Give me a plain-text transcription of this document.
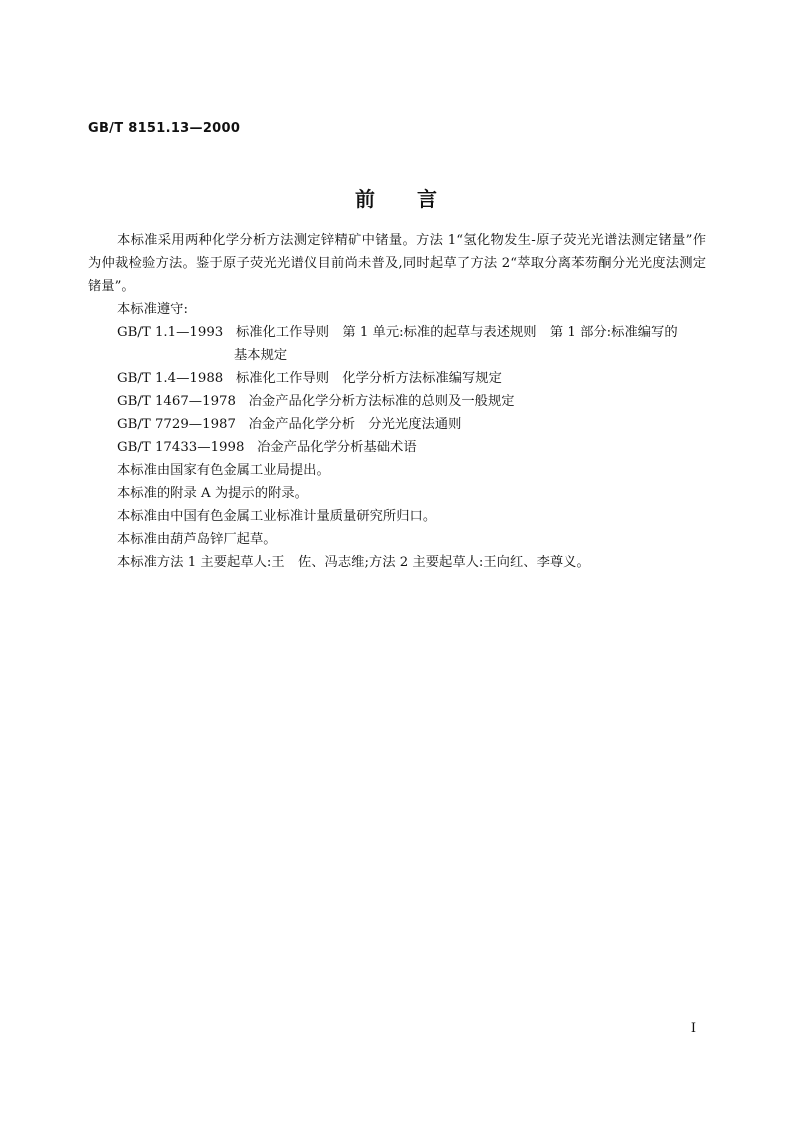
GB/T 8151.13—2000
前 言

本标准采用两种化学分析方法测定锌精矿中锗量。方法 1“氢化物发生-原子荧光光谱法测定锗量”作为仲裁检验方法。鉴于原子荧光光谱仪目前尚未普及,同时起草了方法 2“萃取分离苯芴酮分光光度法测定锗量”。

本标准遵守:

GB/T 1.1—1993 标准化工作导则　第 1 单元:标准的起草与表述规则　第 1 部分:标准编写的

基本规定

GB/T 1.4—1988 标准化工作导则　化学分析方法标准编写规定
GB/T 1467—1978 冶金产品化学分析方法标准的总则及一般规定
GB/T 7729—1987 冶金产品化学分析　分光光度法通则
GB/T 17433—1998 冶金产品化学分析基础术语

本标准由国家有色金属工业局提出。

本标准的附录 A 为提示的附录。

本标准由中国有色金属工业标准计量质量研究所归口。

本标准由葫芦岛锌厂起草。

本标准方法 1 主要起草人:王　佐、冯志维;方法 2 主要起草人:王向红、李尊义。

I
